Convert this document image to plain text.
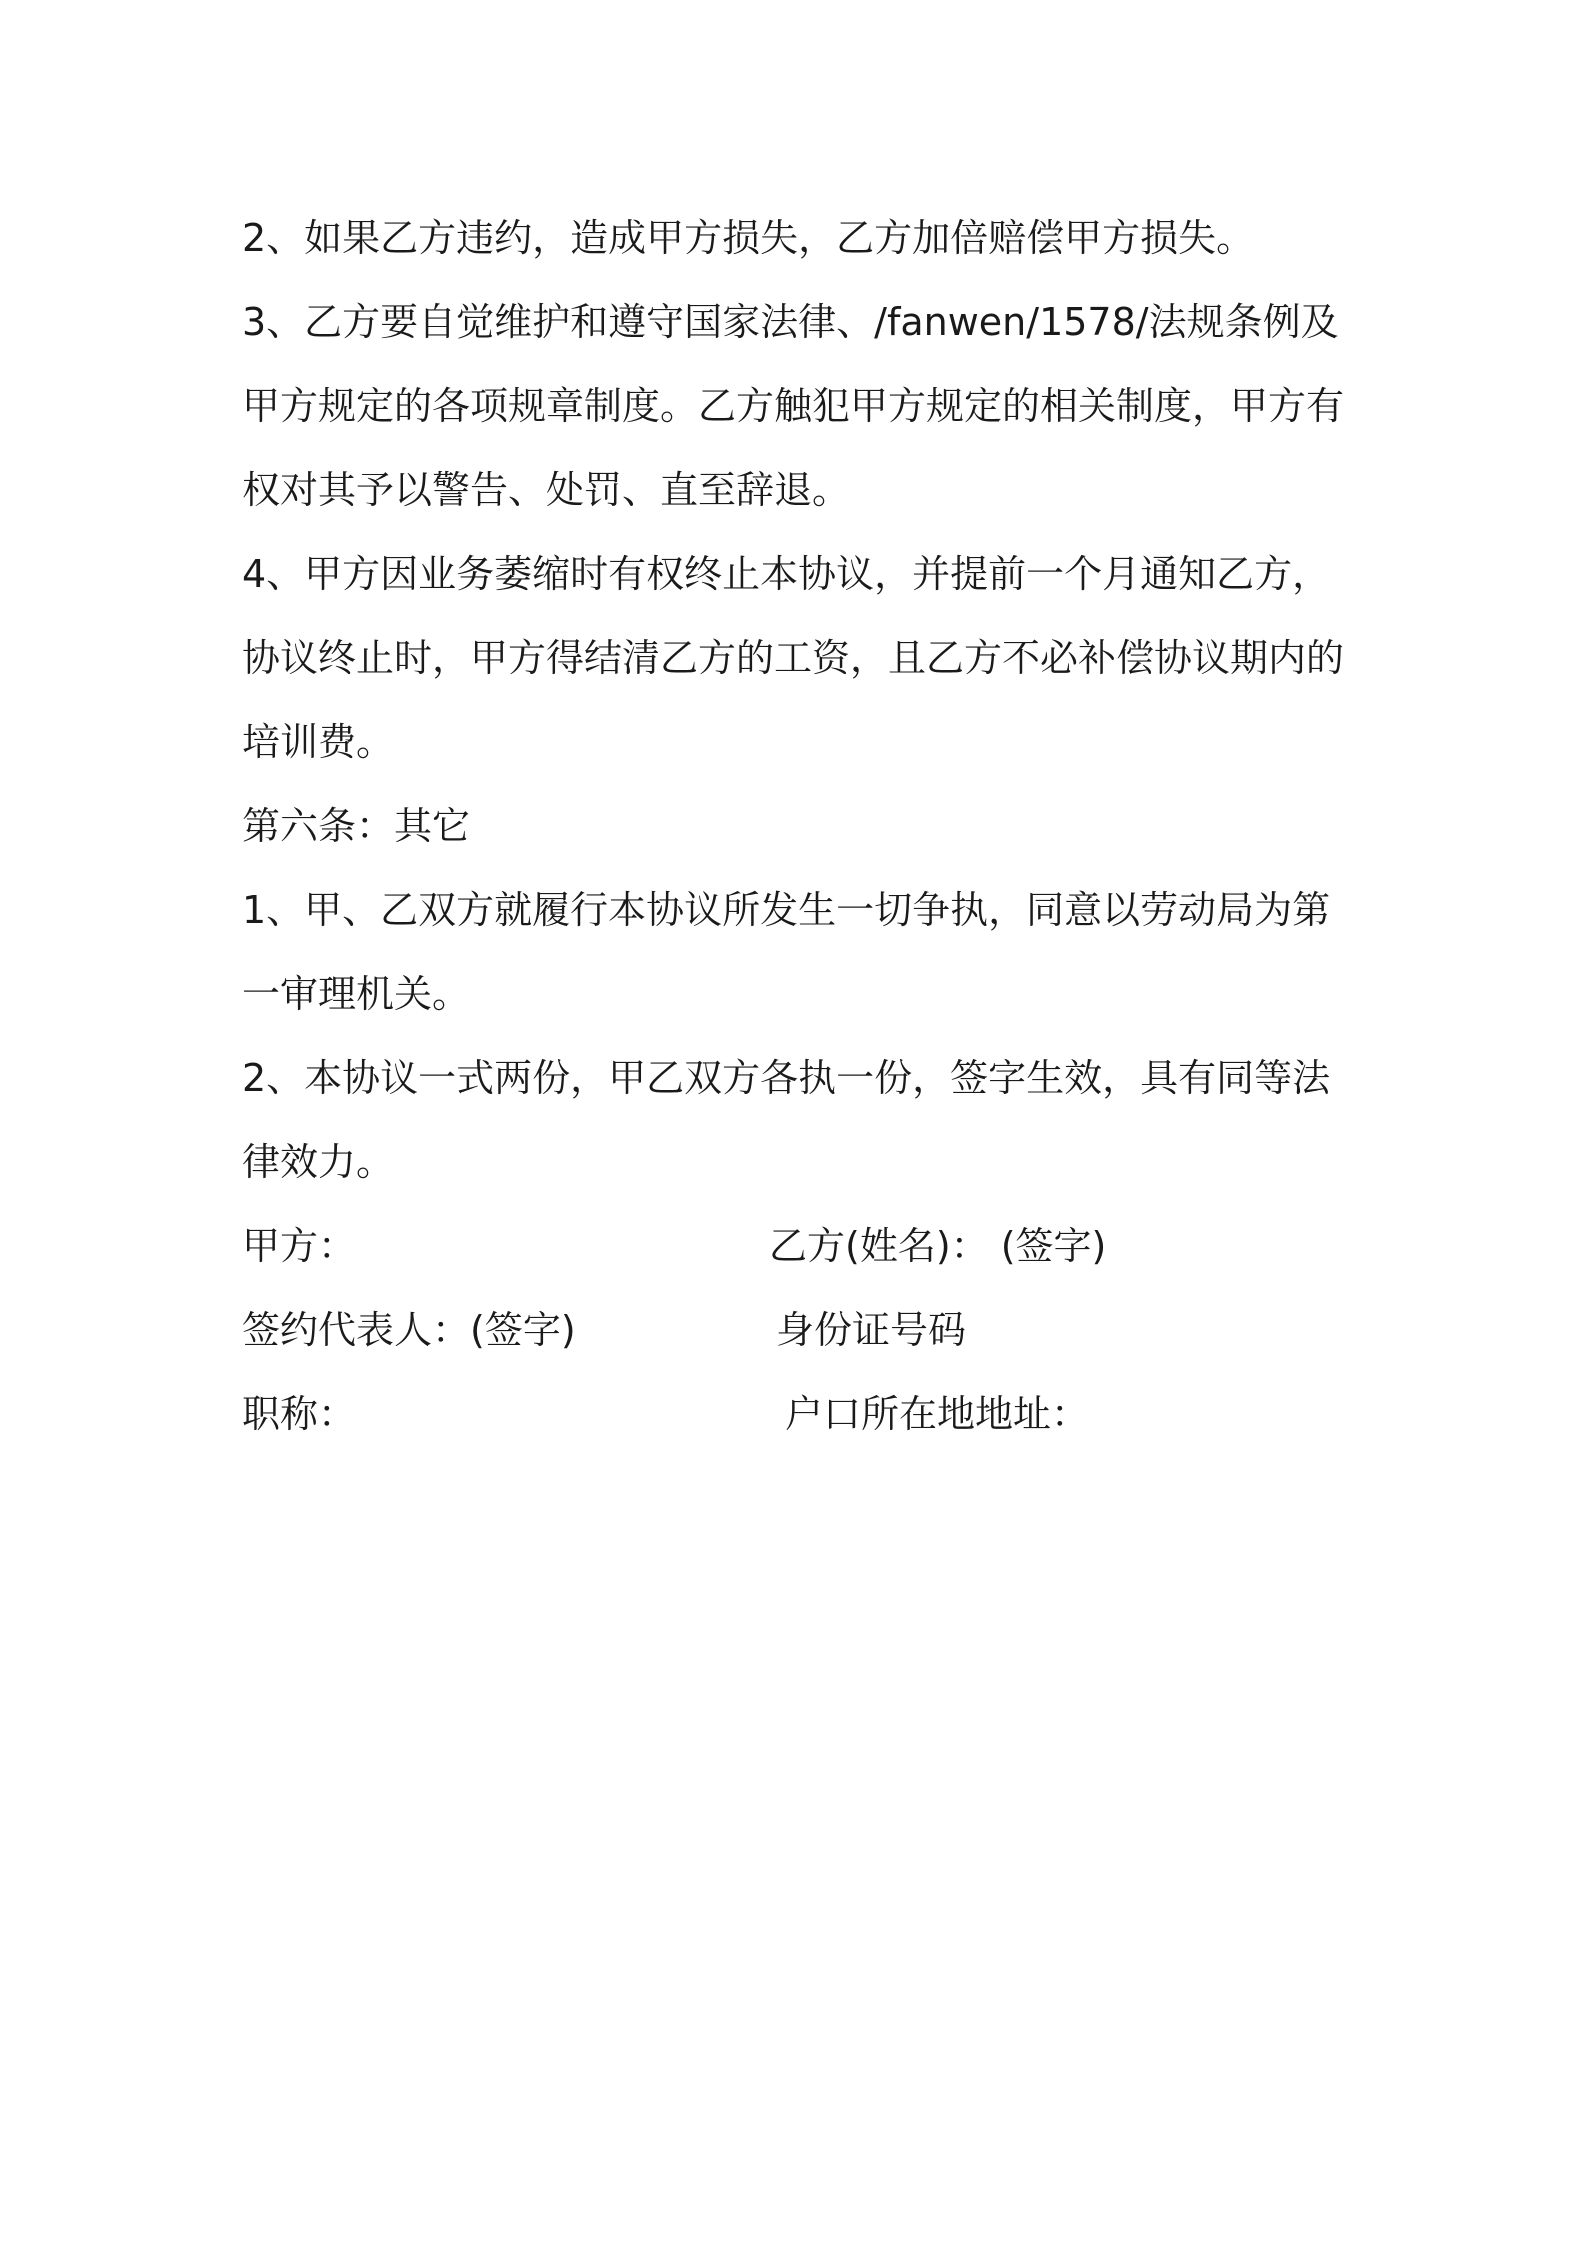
2、如果乙方违约，造成甲方损失，乙方加倍赔偿甲方损失。

3、乙方要自觉维护和遵守国家法律、/fanwen/1578/法规条例及甲方规定的各项规章制度。乙方触犯甲方规定的相关制度，甲方有权对其予以警告、处罚、直至辞退。

4、甲方因业务萎缩时有权终止本协议，并提前一个月通知乙方，协议终止时，甲方得结清乙方的工资，且乙方不必补偿协议期内的培训费。

第六条：其它

1、甲、乙双方就履行本协议所发生一切争执，同意以劳动局为第一审理机关。

2、本协议一式两份，甲乙双方各执一份，签字生效，具有同等法律效力。

甲方：	乙方(姓名)： (签字)
签约代表人：(签字)	身份证号码
职称：	户口所在地地址：
